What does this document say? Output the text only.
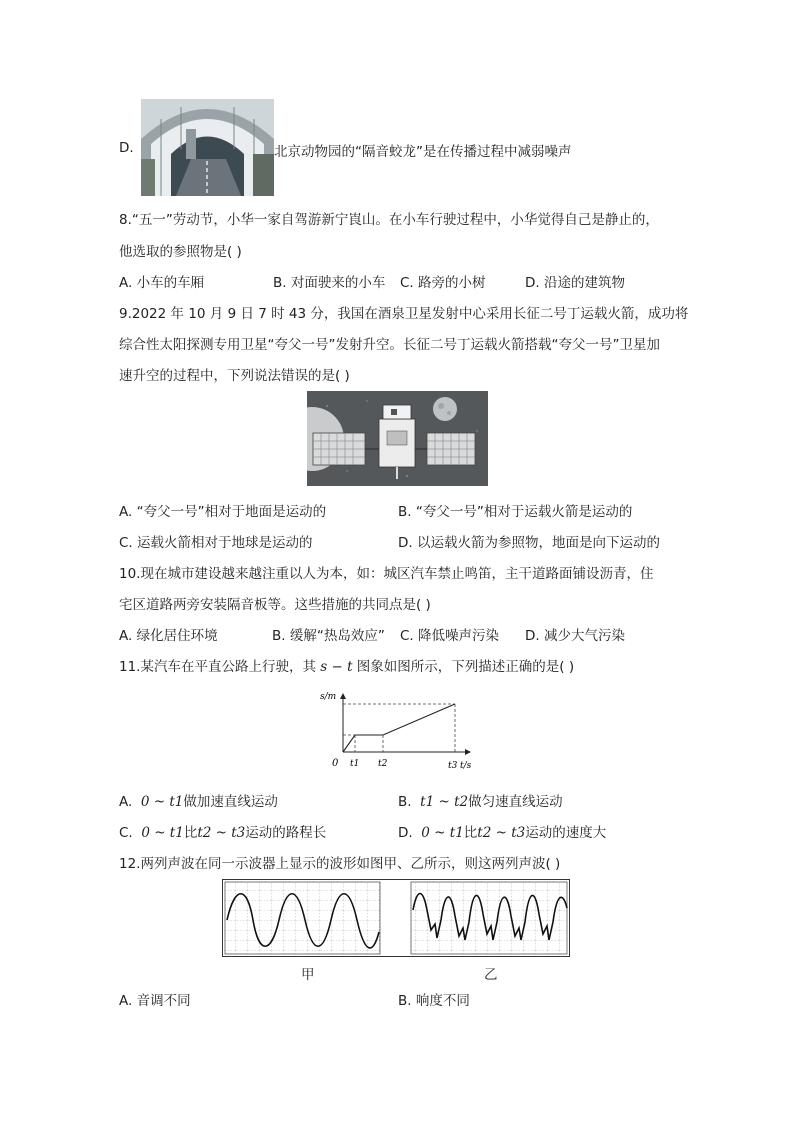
D.	北京动物园的“隔音蛟龙”是在传播过程中减弱噪声
8.“五一”劳动节，小华一家自驾游新宁崀山。在小车行驶过程中，小华觉得自己是静止的，
他选取的参照物是( )
A. 小车的车厢	B. 对面驶来的小车 C. 路旁的小树	D. 沿途的建筑物
9.2022 年 10 月 9 日 7 时 43 分，我国在酒泉卫星发射中心采用长征二号丁运载火箭，成功将
综合性太阳探测专用卫星“夸父一号”发射升空。长征二号丁运载火箭搭载“夸父一号”卫星加
速升空的过程中，下列说法错误的是( )
A. “夸父一号”相对于地面是运动的	B. “夸父一号”相对于运载火箭是运动的
C. 运载火箭相对于地球是运动的	D. 以运载火箭为参照物，地面是向下运动的
10.现在城市建设越来越注重以人为本，如：城区汽车禁止鸣笛，主干道路面铺设沥青，住
宅区道路两旁安装隔音板等。这些措施的共同点是( )
A. 绿化居住环境	B. 缓解“热岛效应” C. 降低噪声污染 D. 减少大气污染
11.某汽车在平直公路上行驶，其 s − t 图象如图所示，下列描述正确的是( )
s/m
0 t1 t2	t3 t/s
A. 0 ~ t1做加速直线运动	B. t1 ~ t2做匀速直线运动
C. 0 ~ t1比t2 ~ t3运动的路程长	D. 0 ~ t1比t2 ~ t3运动的速度大
12.两列声波在同一示波器上显示的波形如图甲、乙所示，则这两列声波( )
甲	乙
A. 音调不同	B. 响度不同
